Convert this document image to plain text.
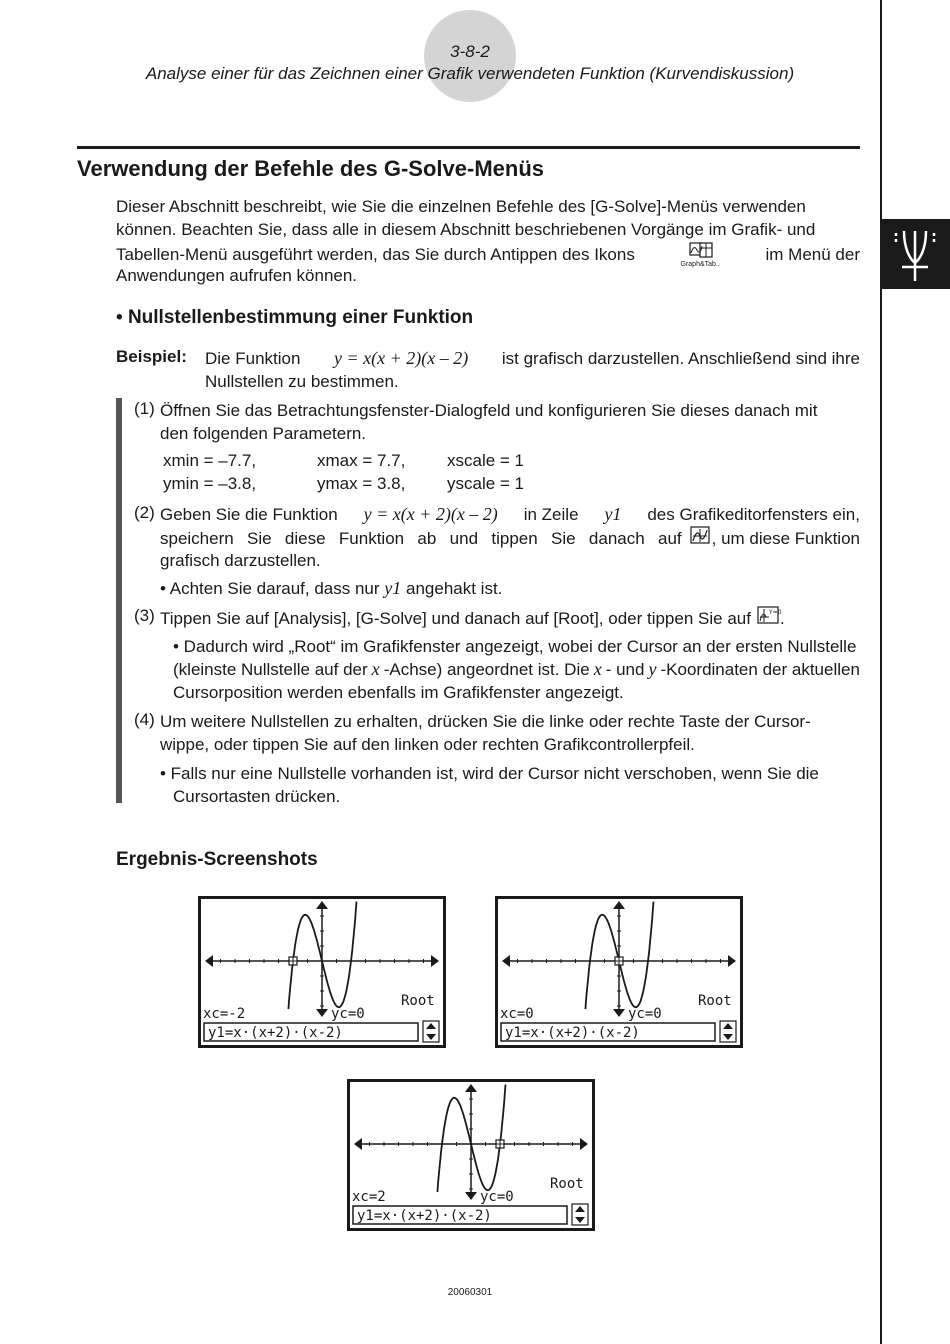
3-8-2
Analyse einer für das Zeichnen einer Grafik verwendeten Funktion (Kurvendiskussion)
Verwendung der Befehle des G-Solve-Menüs
Dieser Abschnitt beschreibt, wie Sie die einzelnen Befehle des [G-Solve]-Menüs verwenden
können. Beachten Sie, dass alle in diesem Abschnitt beschriebenen Vorgänge im Grafik- und
Tabellen-Menü ausgeführt werden, das Sie durch Antippen des Ikons
Graph&Tab..
im Menü der
Anwendungen aufrufen können.
• Nullstellenbestimmung einer Funktion
Beispiel: Die Funktion y = x(x + 2)(x – 2) ist grafisch darzustellen. Anschließend sind ihre
Nullstellen zu bestimmen.
(1) Öffnen Sie das Betrachtungsfenster-Dialogfeld und konfigurieren Sie dieses danach mit
den folgenden Parametern.
xmin = –7.7,	xmax = 7.7, xscale = 1
ymin = –3.8,	ymax = 3.8, yscale = 1
(2) Geben Sie die Funktion y = x(x + 2)(x – 2) in Zeile y1 des Grafikeditorfensters ein,
speichern Sie diese Funktion ab und tippen Sie danach auf , um diese Funktion
grafisch darzustellen.
• Achten Sie darauf, dass nur y1 angehakt ist.
(3) Tippen Sie auf [Analysis], [G-Solve] und danach auf [Root], oder tippen Sie auf	Y=0
.
• Dadurch wird „Root“ im Grafikfenster angezeigt, wobei der Cursor an der ersten Nullstelle
(kleinste Nullstelle auf der x -Achse) angeordnet ist. Die x - und y -Koordinaten der aktuellen
Cursorposition werden ebenfalls im Grafikfenster angezeigt.
(4) Um weitere Nullstellen zu erhalten, drücken Sie die linke oder rechte Taste der Cursor-
wippe, oder tippen Sie auf den linken oder rechten Grafikcontrollerpfeil.
• Falls nur eine Nullstelle vorhanden ist, wird der Cursor nicht verschoben, wenn Sie die
Cursortasten drücken.
Ergebnis-Screenshots
xc=-2	yc=0
Root
y1=x·(x+2)·(x-2)
xc=0	yc=0
Root
y1=x·(x+2)·(x-2)
xc=2	yc=0
Root
y1=x·(x+2)·(x-2)
20060301
